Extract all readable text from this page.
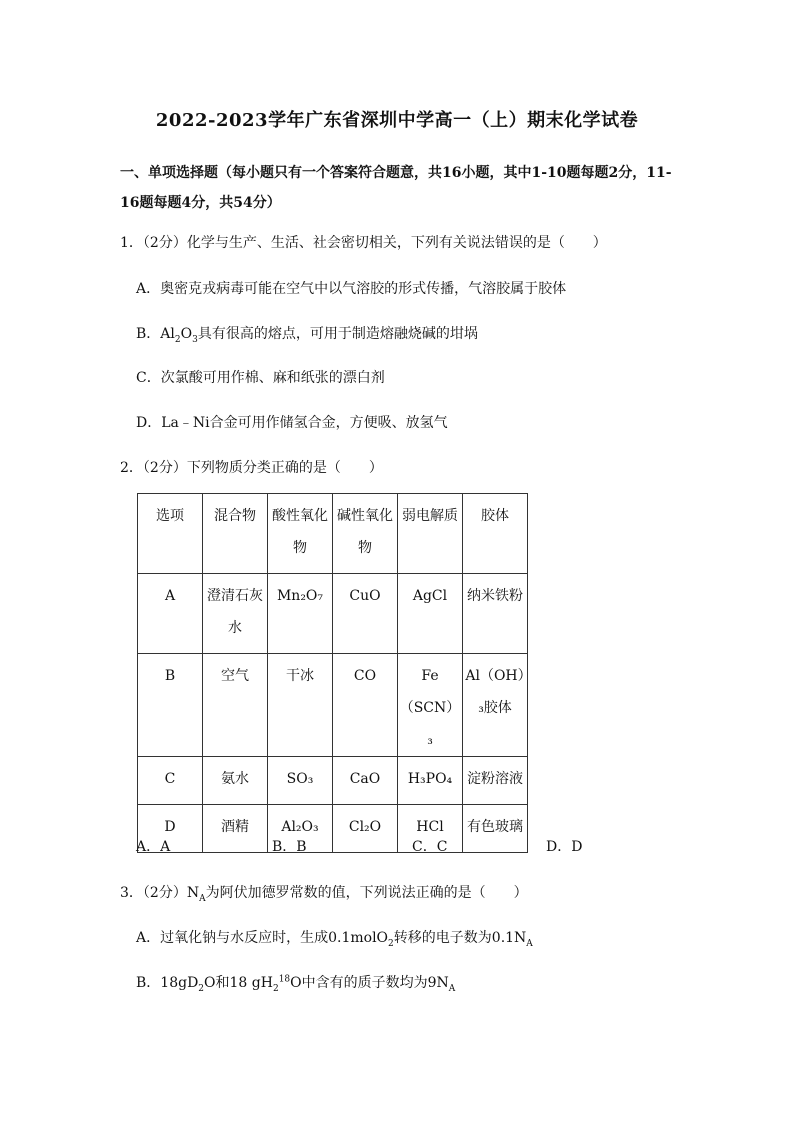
2022-2023学年广东省深圳中学高一（上）期末化学试卷
一、单项选择题（每小题只有一个答案符合题意，共16小题，其中1-10题每题2分，11-16题每题4分，共54分）
1．（2分）化学与生产、生活、社会密切相关，下列有关说法错误的是（　　）
A．奥密克戎病毒可能在空气中以气溶胶的形式传播，气溶胶属于胶体
B．$Al_2O_3$具有很高的熔点，可用于制造熔融烧碱的坩埚
C．次氯酸可用作棉、麻和纸张的漂白剂
D．La﹣Ni合金可用作储氢合金，方便吸、放氢气
2．（2分）下列物质分类正确的是（　　）
选项	混合物	酸性氧化物	碱性氧化物	弱电解质	胶体
A	澄清石灰水	Mn₂O₇	CuO	AgCl	纳米铁粉
B	空气	干冰	CO	Fe（SCN）₃	Al（OH）₃胶体
C	氨水	SO₃	CaO	H₃PO₄	淀粉溶液
D	酒精	Al₂O₃	Cl₂O	HCl	有色玻璃
A．A	B．B	C．C	D．D
3．（2分）$N_A$为阿伏加德罗常数的值，下列说法正确的是（　　）
A．过氧化钠与水反应时，生成0.1molO$_2$转移的电子数为$0.1N_A$
B．$18gD_2O$和18 $gH_2^{18}O$中含有的质子数均为$9N_A$
